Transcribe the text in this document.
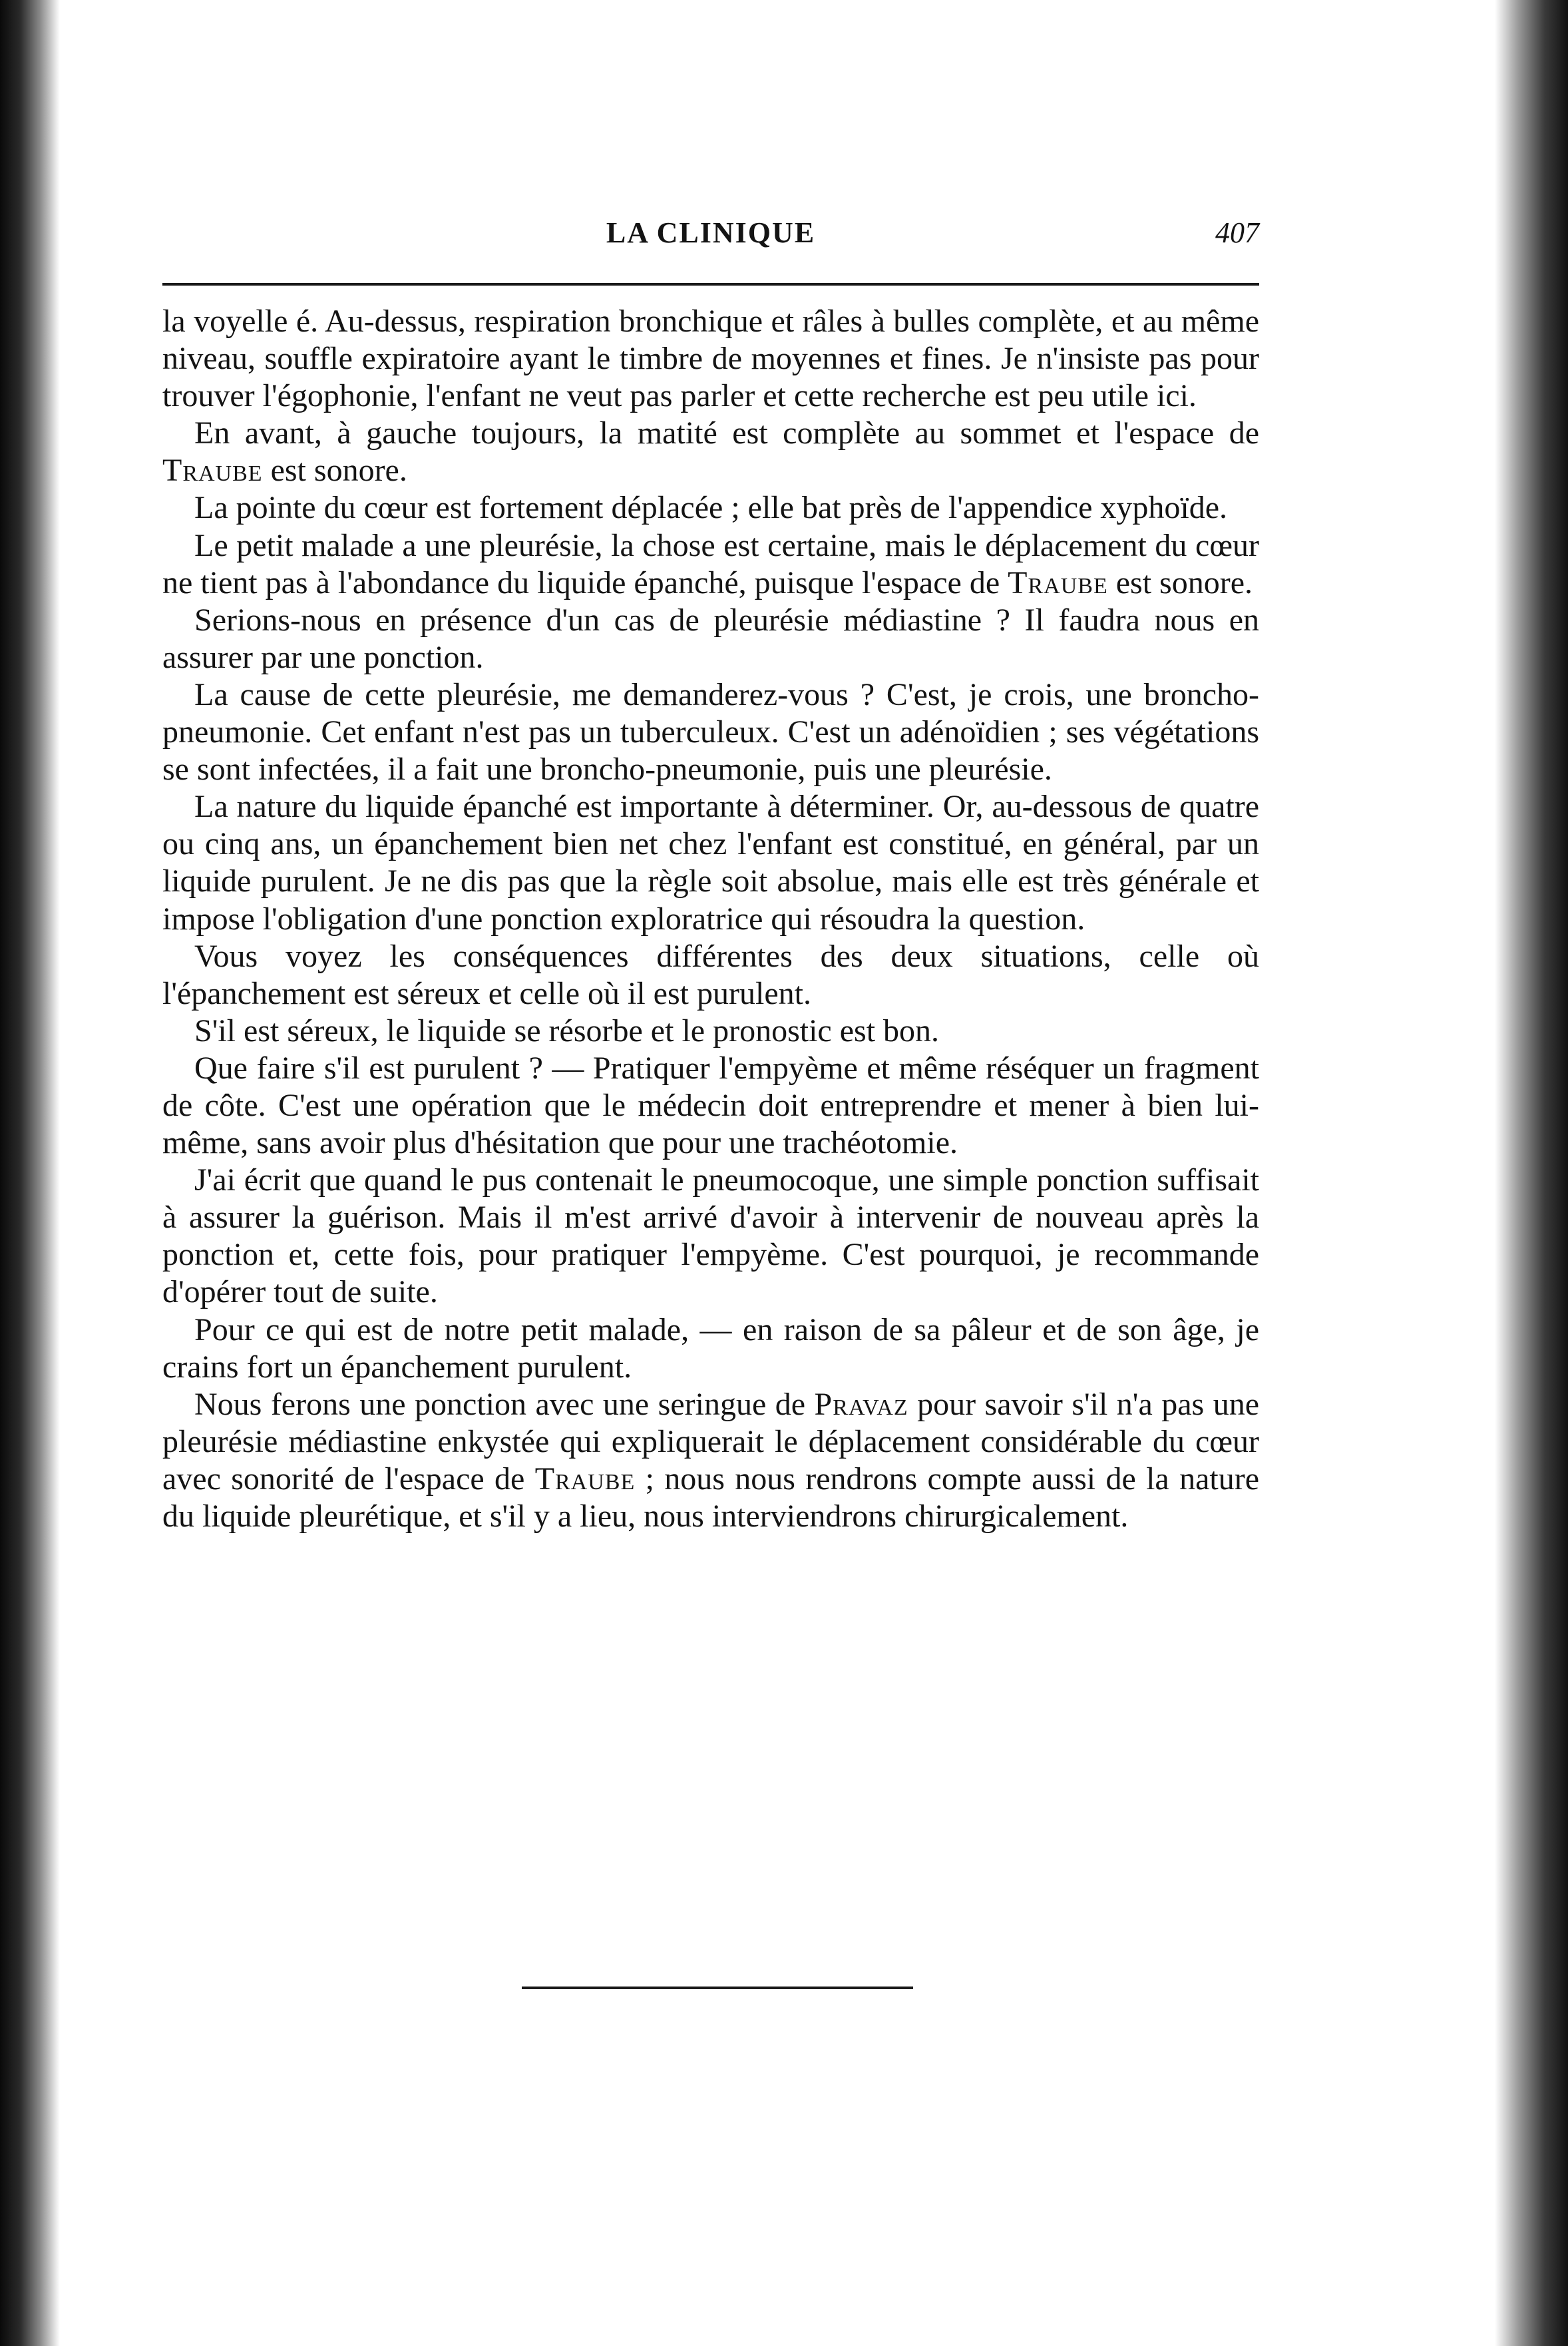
LA CLINIQUE	407

la voyelle é. Au-dessus, respiration bronchique et râles à bulles complète, et au même niveau, souffle expiratoire ayant le timbre de moyennes et fines. Je n'insiste pas pour trouver l'égophonie, l'enfant ne veut pas parler et cette recherche est peu utile ici.

En avant, à gauche toujours, la matité est complète au sommet et l'espace de Traube est sonore.

La pointe du cœur est fortement déplacée ; elle bat près de l'appendice xyphoïde.

Le petit malade a une pleurésie, la chose est certaine, mais le déplacement du cœur ne tient pas à l'abondance du liquide épanché, puisque l'espace de Traube est sonore.

Serions-nous en présence d'un cas de pleurésie médiastine ? Il faudra nous en assurer par une ponction.

La cause de cette pleurésie, me demanderez-vous ? C'est, je crois, une broncho-pneumonie. Cet enfant n'est pas un tuberculeux. C'est un adénoïdien ; ses végétations se sont infectées, il a fait une broncho-pneumonie, puis une pleurésie.

La nature du liquide épanché est importante à déterminer. Or, au-dessous de quatre ou cinq ans, un épanchement bien net chez l'enfant est constitué, en général, par un liquide purulent. Je ne dis pas que la règle soit absolue, mais elle est très générale et impose l'obligation d'une ponction exploratrice qui résoudra la question.

Vous voyez les conséquences différentes des deux situations, celle où l'épanchement est séreux et celle où il est purulent.

S'il est séreux, le liquide se résorbe et le pronostic est bon.

Que faire s'il est purulent ? — Pratiquer l'empyème et même réséquer un fragment de côte. C'est une opération que le médecin doit entreprendre et mener à bien lui-même, sans avoir plus d'hésitation que pour une trachéotomie.

J'ai écrit que quand le pus contenait le pneumocoque, une simple ponction suffisait à assurer la guérison. Mais il m'est arrivé d'avoir à intervenir de nouveau après la ponction et, cette fois, pour pratiquer l'empyème. C'est pourquoi, je recommande d'opérer tout de suite.

Pour ce qui est de notre petit malade, — en raison de sa pâleur et de son âge, je crains fort un épanchement purulent.

Nous ferons une ponction avec une seringue de Pravaz pour savoir s'il n'a pas une pleurésie médiastine enkystée qui expliquerait le déplacement considérable du cœur avec sonorité de l'espace de Traube ; nous nous rendrons compte aussi de la nature du liquide pleurétique, et s'il y a lieu, nous interviendrons chirurgicalement.
